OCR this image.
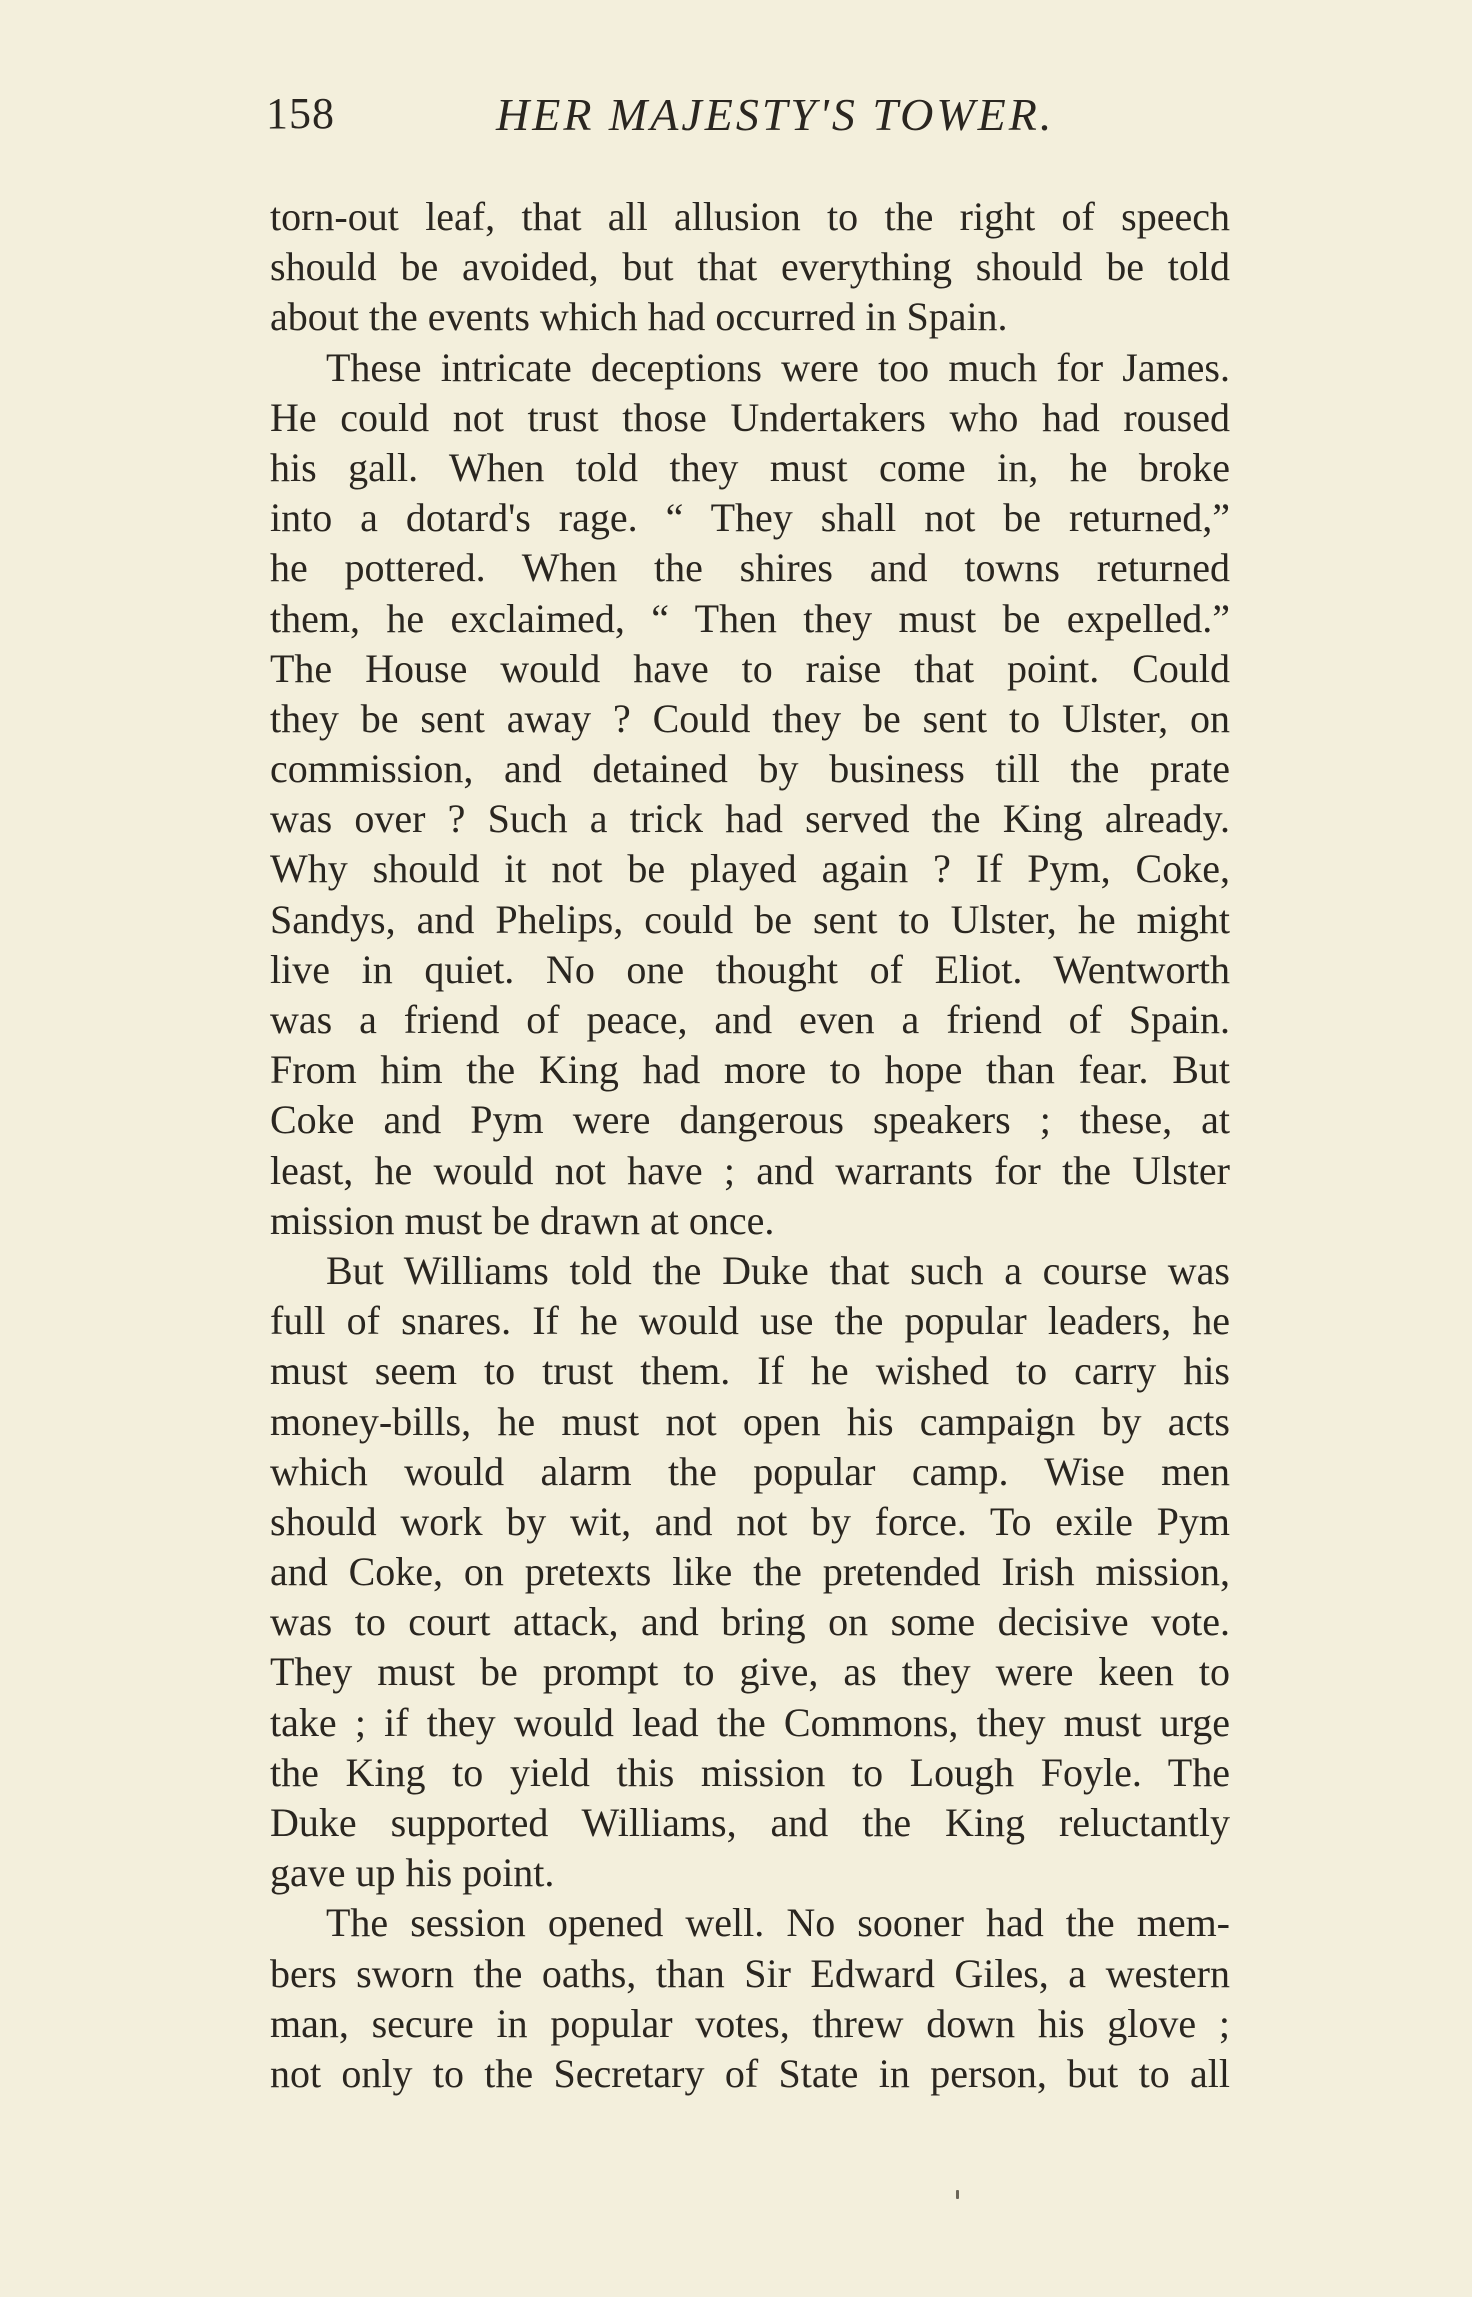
158	HER MAJESTY'S TOWER.
torn-out leaf, that all allusion to the right of speech
should be avoided, but that everything should be told
about the events which had occurred in Spain.
These intricate deceptions were too much for James.
He could not trust those Undertakers who had roused
his gall. When told they must come in, he broke
into a dotard's rage. “ They shall not be returned,”
he pottered. When the shires and towns returned
them, he exclaimed, “ Then they must be expelled.”
The House would have to raise that point. Could
they be sent away ? Could they be sent to Ulster, on
commission, and detained by business till the prate
was over ? Such a trick had served the King already.
Why should it not be played again ? If Pym, Coke,
Sandys, and Phelips, could be sent to Ulster, he might
live in quiet. No one thought of Eliot. Wentworth
was a friend of peace, and even a friend of Spain.
From him the King had more to hope than fear. But
Coke and Pym were dangerous speakers ; these, at
least, he would not have ; and warrants for the Ulster
mission must be drawn at once.
But Williams told the Duke that such a course was
full of snares. If he would use the popular leaders, he
must seem to trust them. If he wished to carry his
money-bills, he must not open his campaign by acts
which would alarm the popular camp. Wise men
should work by wit, and not by force. To exile Pym
and Coke, on pretexts like the pretended Irish mission,
was to court attack, and bring on some decisive vote.
They must be prompt to give, as they were keen to
take ; if they would lead the Commons, they must urge
the King to yield this mission to Lough Foyle. The
Duke supported Williams, and the King reluctantly
gave up his point.
The session opened well. No sooner had the mem-
bers sworn the oaths, than Sir Edward Giles, a western
man, secure in popular votes, threw down his glove ;
not only to the Secretary of State in person, but to all
